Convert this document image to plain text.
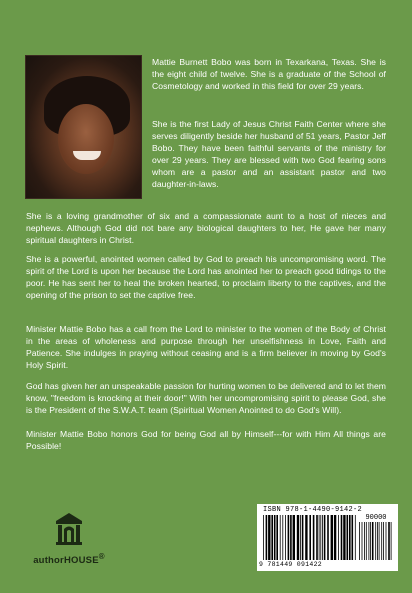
Mattie Burnett Bobo was born in Texarkana, Texas. She is the eight child of twelve. She is a graduate of the School of Cosmetology and worked in this field for over 29 years.

She is the first Lady of Jesus Christ Faith Center where she serves diligently beside her husband of 51 years, Pastor Jeff Bobo. They have been faithful servants of the ministry for over 29 years. They are blessed with two God fearing sons whom are a pastor and an assistant pastor and two daughter-in-laws.

She is a loving grandmother of six and a compassionate aunt to a host of nieces and nephews. Although God did not bare any biological daughters to her, He gave her many spiritual daughters in Christ.

She is a powerful, anointed women called by God to preach his uncompromising word. The spirit of the Lord is upon her because the Lord has anointed her to preach good tidings to the poor. He has sent her to heal the broken hearted, to proclaim liberty to the captives, and the opening of the prison to set the captive free.

Minister Mattie Bobo has a call from the Lord to minister to the women of the Body of Christ in the areas of wholeness and purpose through her unselfishness in Love, Faith and Patience. She indulges in praying without ceasing and is a firm believer in moving by God's Holy Spirit.

God has given her an unspeakable passion for hurting women to be delivered and to let them know, "freedom is knocking at their door!" With her uncompromising spirit to please God, she is the President of the S.W.A.T. team (Spiritual Women Anointed to do God's Will).

Minister Mattie Bobo honors God for being God all by Himself---for with Him All things are Possible!

authorHOUSE®
ISBN 978-1-4490-9142-2
90000
9 781449 091422
